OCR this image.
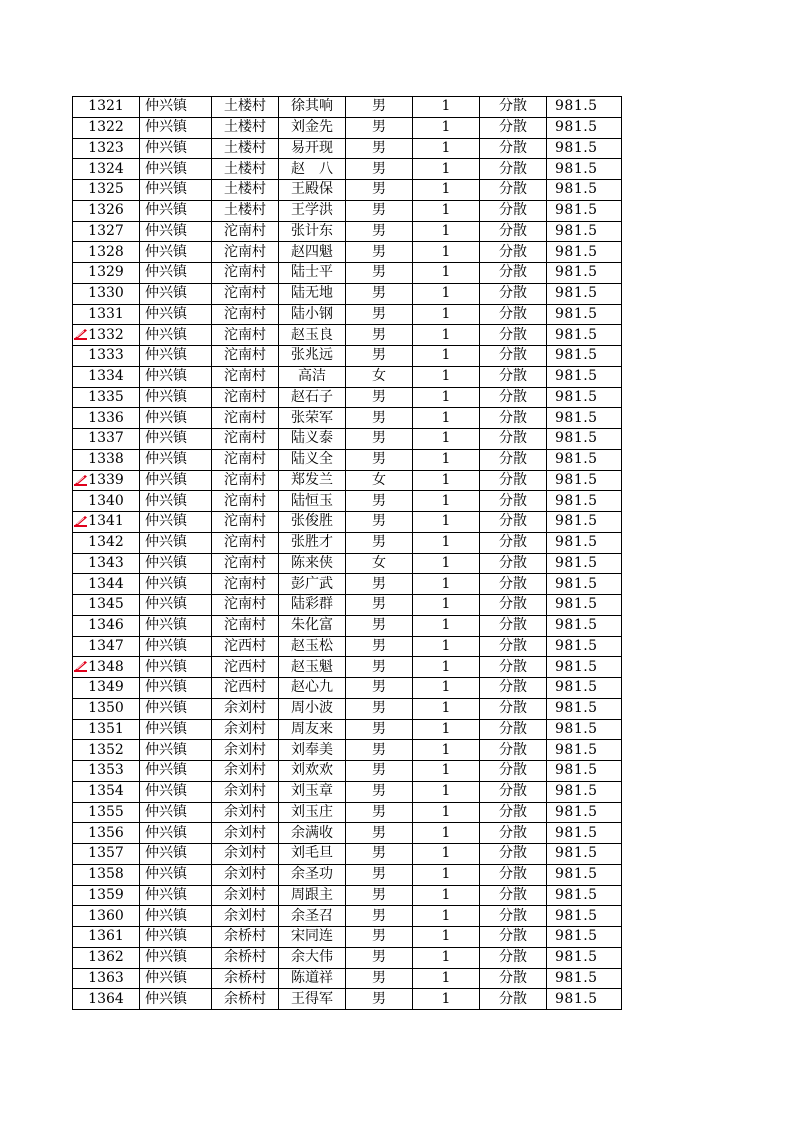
1321	仲兴镇	土楼村	徐其响	男	1	分散	981.5
1322	仲兴镇	土楼村	刘金先	男	1	分散	981.5
1323	仲兴镇	土楼村	易开现	男	1	分散	981.5
1324	仲兴镇	土楼村	赵　八	男	1	分散	981.5
1325	仲兴镇	土楼村	王殿保	男	1	分散	981.5
1326	仲兴镇	土楼村	王学洪	男	1	分散	981.5
1327	仲兴镇	沱南村	张计东	男	1	分散	981.5
1328	仲兴镇	沱南村	赵四魁	男	1	分散	981.5
1329	仲兴镇	沱南村	陆士平	男	1	分散	981.5
1330	仲兴镇	沱南村	陆无地	男	1	分散	981.5
1331	仲兴镇	沱南村	陆小钢	男	1	分散	981.5

1332	仲兴镇	沱南村	赵玉良	男	1	分散	981.5
1333	仲兴镇	沱南村	张兆远	男	1	分散	981.5
1334	仲兴镇	沱南村	高洁	女	1	分散	981.5
1335	仲兴镇	沱南村	赵石子	男	1	分散	981.5
1336	仲兴镇	沱南村	张荣军	男	1	分散	981.5
1337	仲兴镇	沱南村	陆义泰	男	1	分散	981.5
1338	仲兴镇	沱南村	陆义全	男	1	分散	981.5

1339	仲兴镇	沱南村	郑发兰	女	1	分散	981.5
1340	仲兴镇	沱南村	陆恒玉	男	1	分散	981.5

1341	仲兴镇	沱南村	张俊胜	男	1	分散	981.5
1342	仲兴镇	沱南村	张胜才	男	1	分散	981.5
1343	仲兴镇	沱南村	陈来侠	女	1	分散	981.5
1344	仲兴镇	沱南村	彭广武	男	1	分散	981.5
1345	仲兴镇	沱南村	陆彩群	男	1	分散	981.5
1346	仲兴镇	沱南村	朱化富	男	1	分散	981.5
1347	仲兴镇	沱西村	赵玉松	男	1	分散	981.5

1348	仲兴镇	沱西村	赵玉魁	男	1	分散	981.5
1349	仲兴镇	沱西村	赵心九	男	1	分散	981.5
1350	仲兴镇	余刘村	周小波	男	1	分散	981.5
1351	仲兴镇	余刘村	周友来	男	1	分散	981.5
1352	仲兴镇	余刘村	刘奉美	男	1	分散	981.5
1353	仲兴镇	余刘村	刘欢欢	男	1	分散	981.5
1354	仲兴镇	余刘村	刘玉章	男	1	分散	981.5
1355	仲兴镇	余刘村	刘玉庄	男	1	分散	981.5
1356	仲兴镇	余刘村	余满收	男	1	分散	981.5
1357	仲兴镇	余刘村	刘毛旦	男	1	分散	981.5
1358	仲兴镇	余刘村	余圣功	男	1	分散	981.5
1359	仲兴镇	余刘村	周跟主	男	1	分散	981.5
1360	仲兴镇	余刘村	余圣召	男	1	分散	981.5
1361	仲兴镇	余桥村	宋同连	男	1	分散	981.5
1362	仲兴镇	余桥村	余大伟	男	1	分散	981.5
1363	仲兴镇	余桥村	陈道祥	男	1	分散	981.5
1364	仲兴镇	余桥村	王得军	男	1	分散	981.5
